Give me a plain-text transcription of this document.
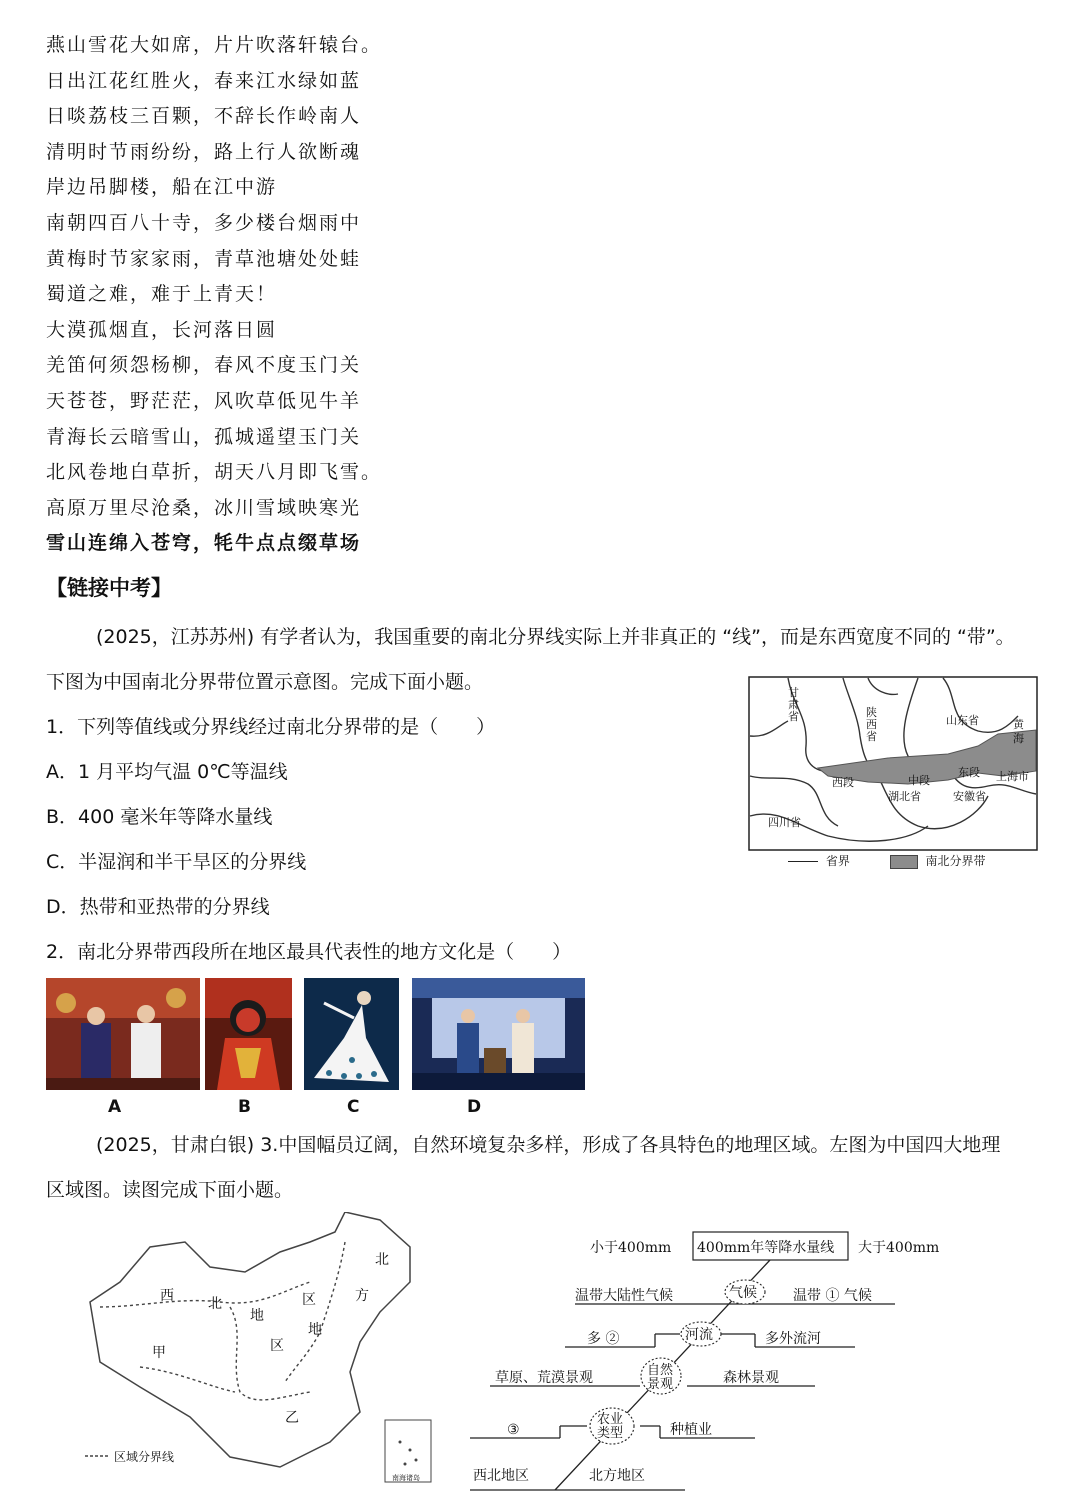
燕山雪花大如席，片片吹落轩辕台。
日出江花红胜火，春来江水绿如蓝
日啖荔枝三百颗，不辞长作岭南人
清明时节雨纷纷，路上行人欲断魂
岸边吊脚楼，船在江中游
南朝四百八十寺，多少楼台烟雨中
黄梅时节家家雨，青草池塘处处蛙
蜀道之难，难于上青天！
大漠孤烟直，长河落日圆
羌笛何须怨杨柳，春风不度玉门关
天苍苍，野茫茫，风吹草低见牛羊
青海长云暗雪山，孤城遥望玉门关
北风卷地白草折，胡天八月即飞雪。
高原万里尽沧桑，冰川雪域映寒光
雪山连绵入苍穹，牦牛点点缀草场
【链接中考】
(2025，江苏苏州) 有学者认为，我国重要的南北分界线实际上并非真正的 “线”，而是东西宽度不同的 “带”。
下图为中国南北分界带位置示意图。完成下面小题。
1．下列等值线或分界线经过南北分界带的是（　　）
A．1 月平均气温 0℃等温线
B．400 毫米年等降水量线
C．半湿润和半干旱区的分界线
D．热带和亚热带的分界线
2．南北分界带西段所在地区最具代表性的地方文化是（　　）
甘
肃
省	陕
西
省
山东省	黄
海
西段	中段
东段
湖北省	安徽省
上海市
四川省
省界	南北分界带
A	B	C	D
(2025，甘肃白银) 3.中国幅员辽阔，自然环境复杂多样，形成了各具特色的地理区域。左图为中国四大地理
区域图。读图完成下面小题。
西 北
地
区
区
地
方
北
甲
乙
南海诸岛
区域分界线
小于400mm 400mm年等降水量线 大于400mm
温带大陆性气候	气候	温带 ① 气候
多 ②	河流	多外流河
草原、荒漠景观	自然
景观	森林景观
③
农业
类型	种植业
西北地区	北方地区
